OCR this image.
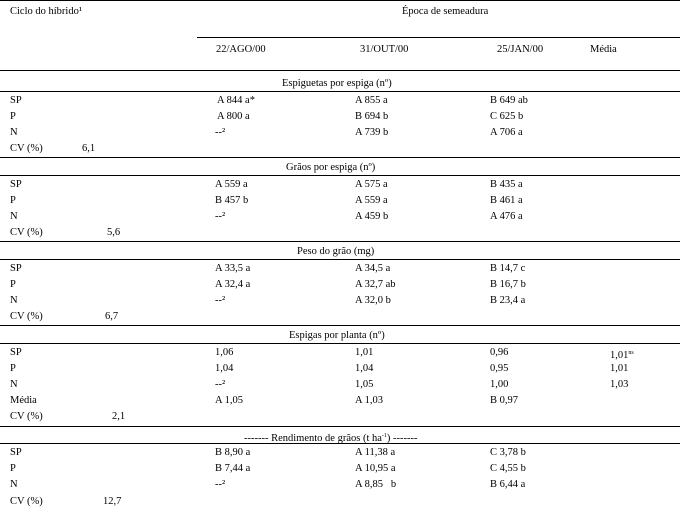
Ciclo do híbrido¹	Época de semeadura
22/AGO/00	31/OUT/00	25/JAN/00	Média
Espiguetas por espiga (nº)
SP	A 844 a*	A 855 a	B 649 ab
P	A 800 a	B 694 b	C 625 b
N	--²	A 739 b	A 706 a
CV (%)	6,1
Grãos por espiga (nº)
SP	A 559 a	A 575 a	B 435 a
P	B 457 b	A 559 a	B 461 a
N	--²	A 459 b	A 476 a
CV (%)	5,6
Peso do grão (mg)
SP	A 33,5 a	A 34,5 a	B 14,7 c
P	A 32,4 a	A 32,7 ab	B 16,7 b
N	--²	A 32,0 b	B 23,4 a
CV (%)	6,7
Espigas por planta (nº)
SP	1,06	1,01	0,96	$1,01^{ns}$
P	1,04	1,04	0,95	1,01
N	--²	1,05	1,00	1,03
Média	A 1,05	A 1,03	B 0,97
CV (%)	2,1
------- Rendimento de grãos (t $ha^{-1}$) -------
SP	B 8,90 a	A 11,38 a	C 3,78 b
P	B 7,44 a	A 10,95 a	C 4,55 b
N	--²	A 8,85   b	B 6,44 a
CV (%)	12,7
